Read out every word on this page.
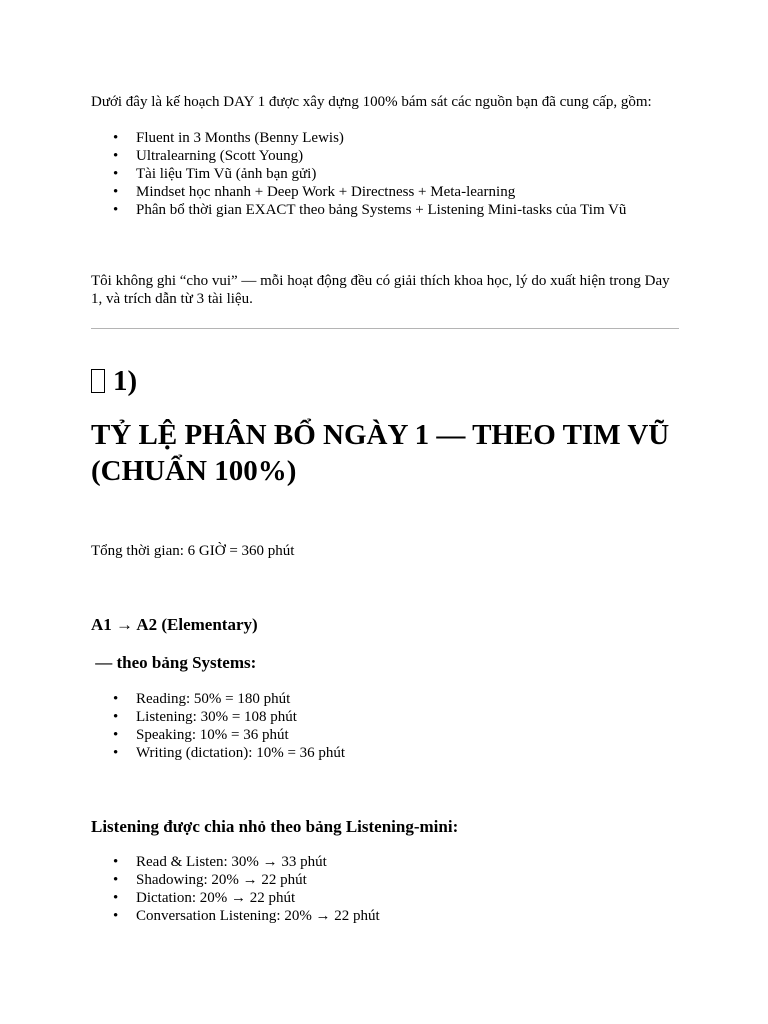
Dưới đây là kế hoạch DAY 1 được xây dựng 100% bám sát các nguồn bạn đã cung cấp, gồm:

• Fluent in 3 Months (Benny Lewis)
• Ultralearning (Scott Young)
• Tài liệu Tim Vũ (ảnh bạn gửi)
• Mindset học nhanh + Deep Work + Directness + Meta-learning
• Phân bổ thời gian EXACT theo bảng Systems + Listening Mini-tasks của Tim Vũ

Tôi không ghi “cho vui” — mỗi hoạt động đều có giải thích khoa học, lý do xuất hiện trong Day 1, và trích dẫn từ 3 tài liệu.

1)
TỶ LỆ PHÂN BỔ NGÀY 1 — THEO TIM VŨ (CHUẨN 100%)

Tổng thời gian: 6 GIỜ = 360 phút

A1 → A2 (Elementary)
— theo bảng Systems:
• Reading: 50% = 180 phút
• Listening: 30% = 108 phút
• Speaking: 10% = 36 phút
• Writing (dictation): 10% = 36 phút
Listening được chia nhỏ theo bảng Listening-mini:
• Read & Listen: 30% → 33 phút
• Shadowing: 20% → 22 phút
• Dictation: 20% → 22 phút
• Conversation Listening: 20% → 22 phút
